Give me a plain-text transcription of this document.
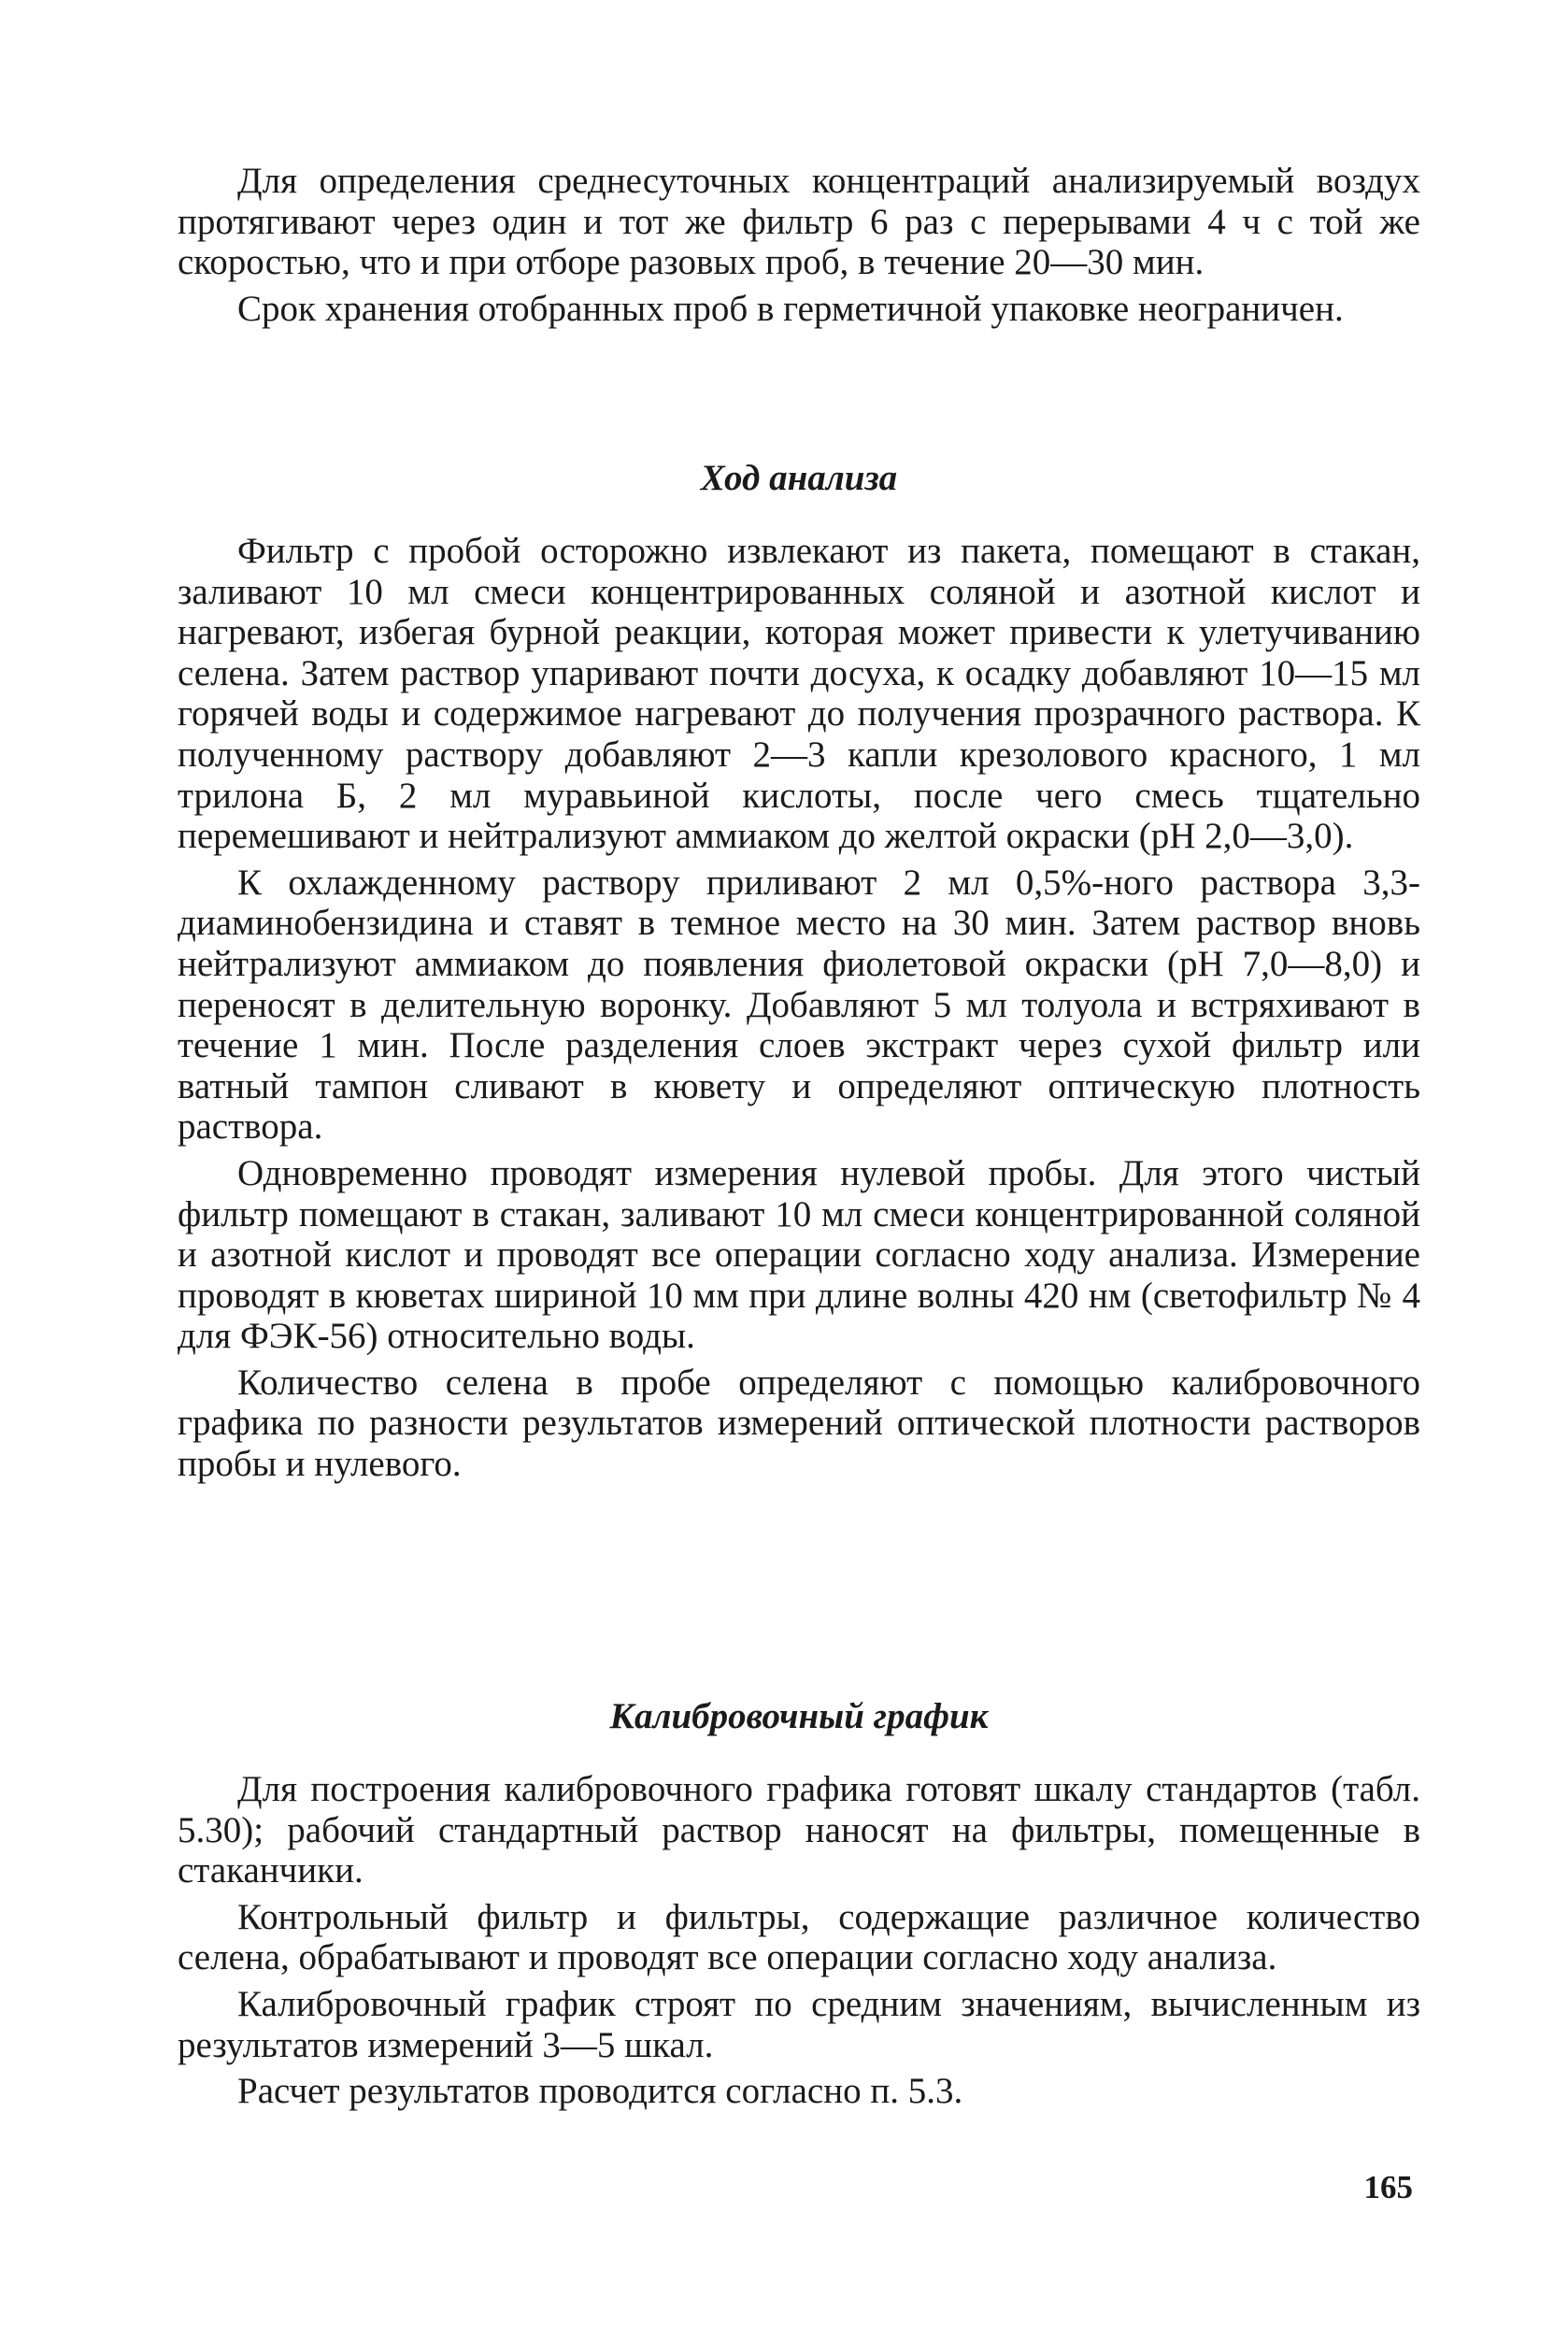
Для определения среднесуточных концентраций анализируемый воздух протягивают через один и тот же фильтр 6 раз с перерывами 4 ч с той же скоростью, что и при отборе разовых проб, в течение 20—30 мин.

Срок хранения отобранных проб в герметичной упаковке неограничен.

Ход анализа

Фильтр с пробой осторожно извлекают из пакета, помещают в стакан, заливают 10 мл смеси концентрированных соляной и азотной кислот и нагревают, избегая бурной реакции, которая может привести к улетучиванию селена. Затем раствор упаривают почти досуха, к осадку добавляют 10—15 мл горячей воды и содержимое нагревают до получения прозрачного раствора. К полученному раствору добавляют 2—3 капли крезолового красного, 1 мл трилона Б, 2 мл муравьиной кислоты, после чего смесь тщательно перемешивают и нейтрализуют аммиаком до желтой окраски (pH 2,0—3,0).

К охлажденному раствору приливают 2 мл 0,5%-ного раствора 3,3-диаминобензидина и ставят в темное место на 30 мин. Затем раствор вновь нейтрализуют аммиаком до появления фиолетовой окраски (pH 7,0—8,0) и переносят в делительную воронку. Добавляют 5 мл толуола и встряхивают в течение 1 мин. После разделения слоев экстракт через сухой фильтр или ватный тампон сливают в кювету и определяют оптическую плотность раствора.

Одновременно проводят измерения нулевой пробы. Для этого чистый фильтр помещают в стакан, заливают 10 мл смеси концентрированной соляной и азотной кислот и проводят все операции согласно ходу анализа. Измерение проводят в кюветах шириной 10 мм при длине волны 420 нм (светофильтр № 4 для ФЭК-56) относительно воды.

Количество селена в пробе определяют с помощью калибровочного графика по разности результатов измерений оптической плотности растворов пробы и нулевого.

Калибровочный график

Для построения калибровочного графика готовят шкалу стандартов (табл. 5.30); рабочий стандартный раствор наносят на фильтры, помещенные в стаканчики.

Контрольный фильтр и фильтры, содержащие различное количество селена, обрабатывают и проводят все операции согласно ходу анализа.

Калибровочный график строят по средним значениям, вычисленным из результатов измерений 3—5 шкал.

Расчет результатов проводится согласно п. 5.3.

165
